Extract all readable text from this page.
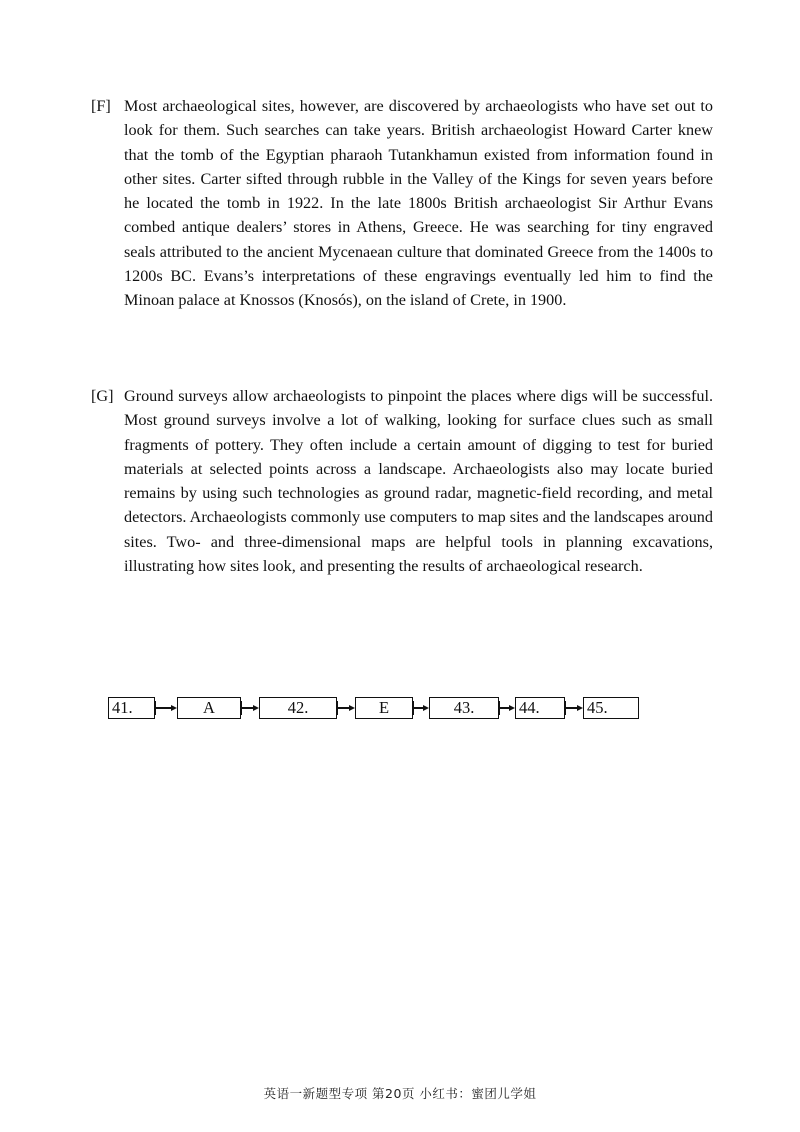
[F] Most archaeological sites, however, are discovered by archaeologists who have set out to look for them. Such searches can take years. British archaeologist Howard Carter knew that the tomb of the Egyptian pharaoh Tutankhamun existed from information found in other sites. Carter sifted through rubble in the Valley of the Kings for seven years before he located the tomb in 1922. In the late 1800s British archaeologist Sir Arthur Evans combed antique dealers’ stores in Athens, Greece. He was searching for tiny engraved seals attributed to the ancient Mycenaean culture that dominated Greece from the 1400s to 1200s BC. Evans’s interpretations of these engravings eventually led him to find the Minoan palace at Knossos (Knosós), on the island of Crete, in 1900.
[G] Ground surveys allow archaeologists to pinpoint the places where digs will be successful. Most ground surveys involve a lot of walking, looking for surface clues such as small fragments of pottery. They often include a certain amount of digging to test for buried materials at selected points across a landscape. Archaeologists also may locate buried remains by using such technologies as ground radar, magnetic-field recording, and metal detectors. Archaeologists commonly use computers to map sites and the landscapes around sites. Two- and three-dimensional maps are helpful tools in planning excavations, illustrating how sites look, and presenting the results of archaeological research.
41.	A	42.	E	43.	44.	45.
英语一新题型专项 第20页 小红书：蜜团儿学姐
